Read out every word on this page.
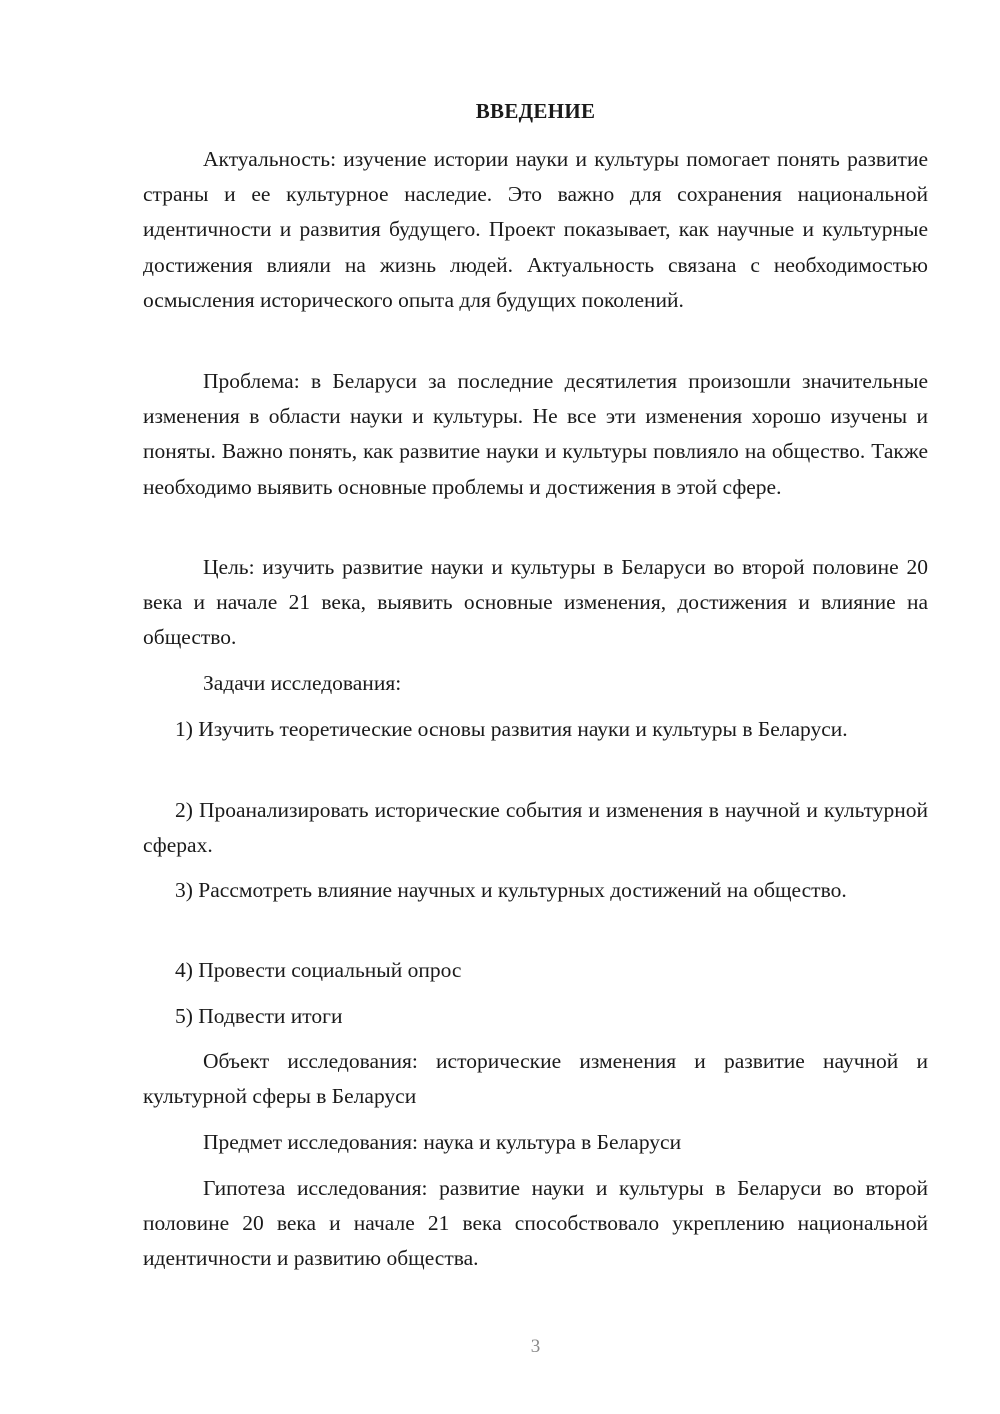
ВВЕДЕНИЕ

Актуальность: изучение истории науки и культуры помогает понять развитие страны и ее культурное наследие. Это важно для сохранения национальной идентичности и развития будущего. Проект показывает, как научные и культурные достижения влияли на жизнь людей. Актуальность связана с необходимостью осмысления исторического опыта для будущих поколений.

Проблема: в Беларуси за последние десятилетия произошли значительные изменения в области науки и культуры. Не все эти изменения хорошо изучены и поняты. Важно понять, как развитие науки и культуры повлияло на общество. Также необходимо выявить основные проблемы и достижения в этой сфере.

Цель: изучить развитие науки и культуры в Беларуси во второй половине 20 века и начале 21 века, выявить основные изменения, достижения и влияние на общество.

Задачи исследования:

1) Изучить теоретические основы развития науки и культуры в Беларуси.

2) Проанализировать исторические события и изменения в научной и культурной сферах.

3) Рассмотреть влияние научных и культурных достижений на общество.

4) Провести социальный опрос

5) Подвести итоги

Объект исследования: исторические изменения и развитие научной и культурной сферы в Беларуси

Предмет исследования: наука и культура в Беларуси

Гипотеза исследования: развитие науки и культуры в Беларуси во второй половине 20 века и начале 21 века способствовало укреплению национальной идентичности и развитию общества.

3
